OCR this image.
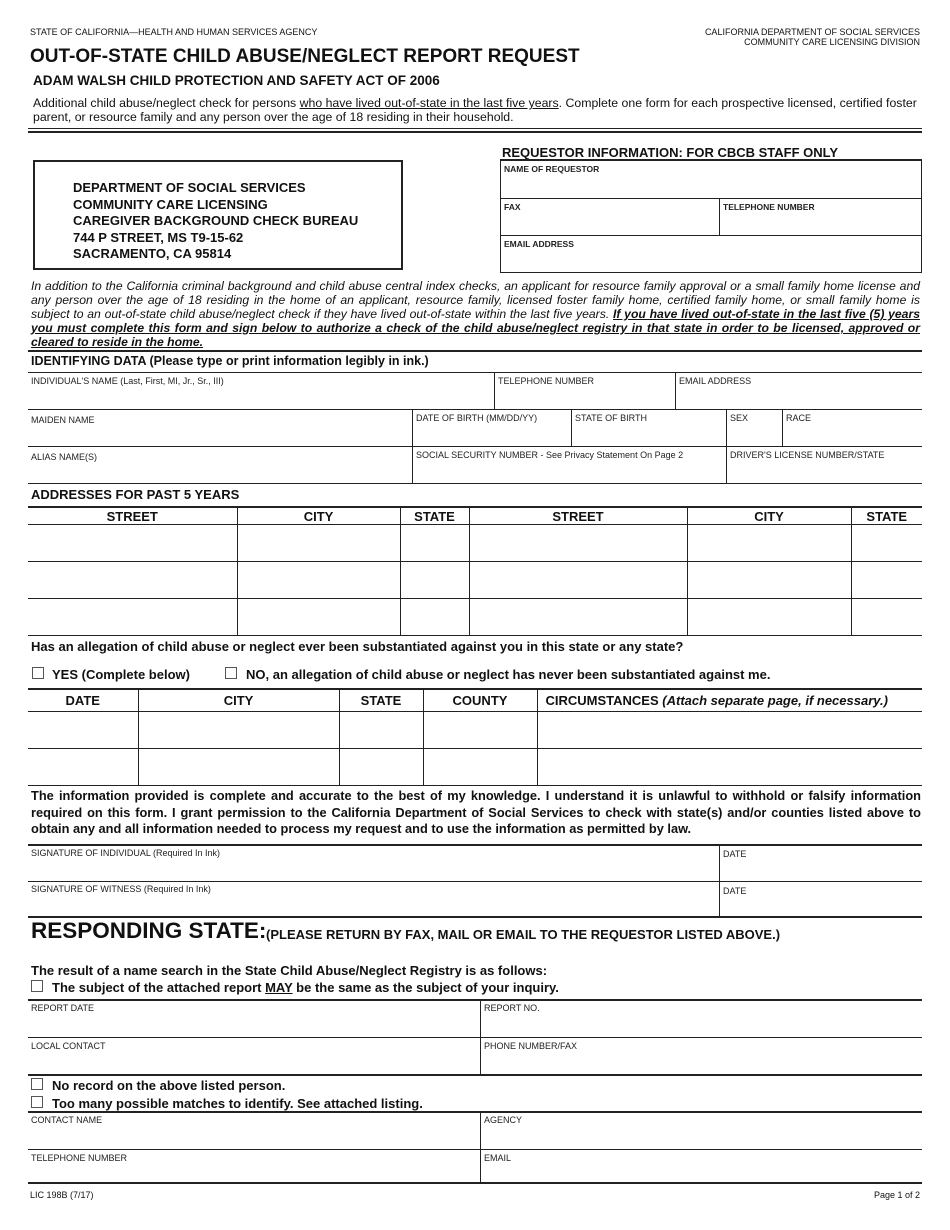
STATE OF CALIFORNIA—HEALTH AND HUMAN SERVICES AGENCY	CALIFORNIA DEPARTMENT OF SOCIAL SERVICES
COMMUNITY CARE LICENSING DIVISION
OUT-OF-STATE CHILD ABUSE/NEGLECT REPORT REQUEST
ADAM WALSH CHILD PROTECTION AND SAFETY ACT OF 2006
Additional child abuse/neglect check for persons who have lived out-of-state in the last five years. Complete one form for each prospective licensed, certified foster parent, or resource family and any person over the age of 18 residing in their household.
DEPARTMENT OF SOCIAL SERVICES
COMMUNITY CARE LICENSING
CAREGIVER BACKGROUND CHECK BUREAU
744 P STREET, MS T9-15-62
SACRAMENTO, CA 95814
REQUESTOR INFORMATION: FOR CBCB STAFF ONLY
NAME OF REQUESTOR
FAX	TELEPHONE NUMBER
EMAIL ADDRESS
In addition to the California criminal background and child abuse central index checks, an applicant for resource family approval or a small family home license and any person over the age of 18 residing in the home of an applicant, resource family, licensed foster family home, certified family home, or small family home is subject to an out-of-state child abuse/neglect check if they have lived out-of-state within the last five years. If you have lived out-of-state in the last five (5) years you must complete this form and sign below to authorize a check of the child abuse/neglect registry in that state in order to be licensed, approved or cleared to reside in the home.
IDENTIFYING DATA (Please type or print information legibly in ink.)
INDIVIDUAL'S NAME (Last, First, MI, Jr., Sr., III)	TELEPHONE NUMBER	EMAIL ADDRESS
MAIDEN NAME	DATE OF BIRTH (MM/DD/YY)	STATE OF BIRTH	SEX	RACE
ALIAS NAME(S)	SOCIAL SECURITY NUMBER - See Privacy Statement On Page 2	DRIVER'S LICENSE NUMBER/STATE
ADDRESSES FOR PAST 5 YEARS
STREET	CITY	STATE	STREET	CITY	STATE

Has an allegation of child abuse or neglect ever been substantiated against you in this state or any state?
YES (Complete below)	NO, an allegation of child abuse or neglect has never been substantiated against me.
DATE	CITY	STATE	COUNTY	CIRCUMSTANCES (Attach separate page, if necessary.)

The information provided is complete and accurate to the best of my knowledge. I understand it is unlawful to withhold or falsify information required on this form. I grant permission to the California Department of Social Services to check with state(s) and/or counties listed above to obtain any and all information needed to process my request and to use the information as permitted by law.
SIGNATURE OF INDIVIDUAL (Required In Ink)	DATE
SIGNATURE OF WITNESS (Required In Ink)	DATE
RESPONDING STATE: (PLEASE RETURN BY FAX, MAIL OR EMAIL TO THE REQUESTOR LISTED ABOVE.)
The result of a name search in the State Child Abuse/Neglect Registry is as follows:
The subject of the attached report MAY be the same as the subject of your inquiry.
REPORT DATE	REPORT NO.
LOCAL CONTACT	PHONE NUMBER/FAX
No record on the above listed person.
Too many possible matches to identify. See attached listing.
CONTACT NAME	AGENCY
TELEPHONE NUMBER	EMAIL
LIC 198B (7/17)	Page 1 of 2
